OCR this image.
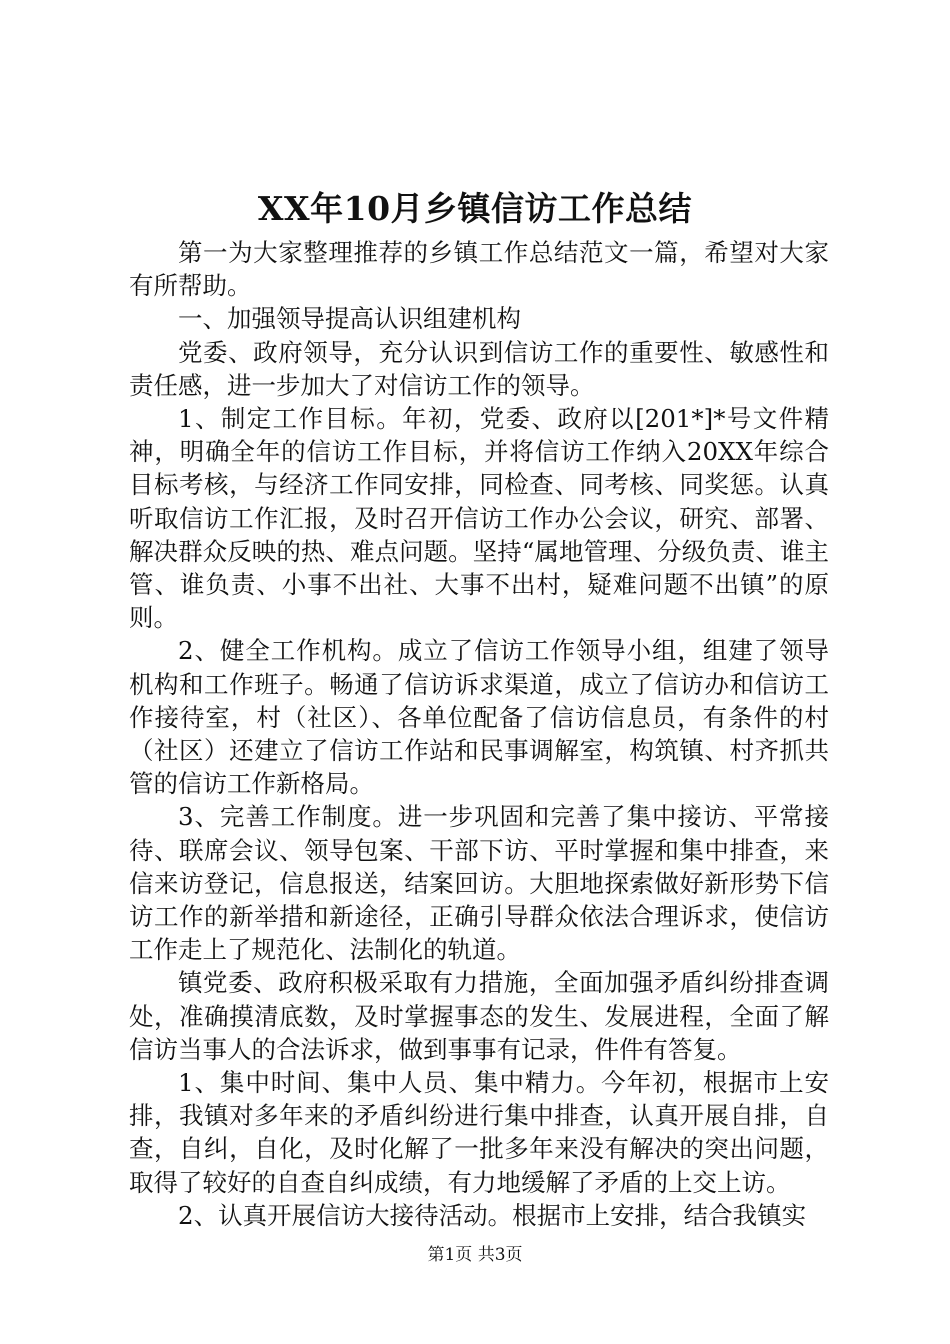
XX年10月乡镇信访工作总结

第一为大家整理推荐的乡镇工作总结范文一篇，希望对大家有所帮助。

一、加强领导提高认识组建机构

党委、政府领导，充分认识到信访工作的重要性、敏感性和责任感，进一步加大了对信访工作的领导。

1、制定工作目标。年初，党委、政府以[201*]*号文件精神，明确全年的信访工作目标，并将信访工作纳入20XX年综合目标考核，与经济工作同安排，同检查、同考核、同奖惩。认真听取信访工作汇报，及时召开信访工作办公会议，研究、部署、解决群众反映的热、难点问题。坚持“属地管理、分级负责、谁主管、谁负责、小事不出社、大事不出村，疑难问题不出镇”的原则。

2、健全工作机构。成立了信访工作领导小组，组建了领导机构和工作班子。畅通了信访诉求渠道，成立了信访办和信访工作接待室，村（社区）、各单位配备了信访信息员，有条件的村（社区）还建立了信访工作站和民事调解室，构筑镇、村齐抓共管的信访工作新格局。

3、完善工作制度。进一步巩固和完善了集中接访、平常接待、联席会议、领导包案、干部下访、平时掌握和集中排查，来信来访登记，信息报送，结案回访。大胆地探索做好新形势下信访工作的新举措和新途径，正确引导群众依法合理诉求，使信访工作走上了规范化、法制化的轨道。

镇党委、政府积极采取有力措施，全面加强矛盾纠纷排查调处，准确摸清底数，及时掌握事态的发生、发展进程，全面了解信访当事人的合法诉求，做到事事有记录，件件有答复。

1、集中时间、集中人员、集中精力。今年初，根据市上安排，我镇对多年来的矛盾纠纷进行集中排查，认真开展自排，自查，自纠，自化，及时化解了一批多年来没有解决的突出问题，取得了较好的自查自纠成绩，有力地缓解了矛盾的上交上访。

2、认真开展信访大接待活动。根据市上安排，结合我镇实

第1页 共3页
